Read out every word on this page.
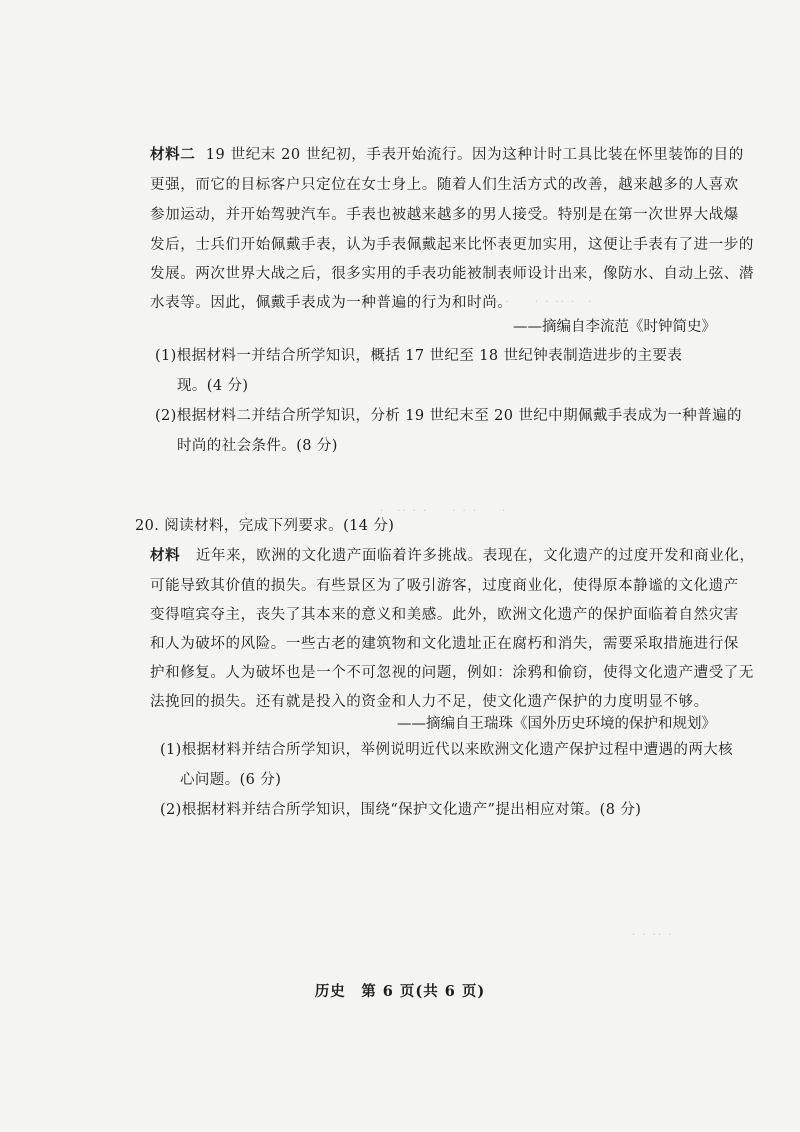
·· ·　　· · ·· ·　·
·　·· · ·　　· · ·　　·
· · ·· ·
材料二 19 世纪末 20 世纪初，手表开始流行。因为这种计时工具比装在怀里装饰的目的
更强，而它的目标客户只定位在女士身上。随着人们生活方式的改善，越来越多的人喜欢
参加运动，并开始驾驶汽车。手表也被越来越多的男人接受。特别是在第一次世界大战爆
发后，士兵们开始佩戴手表，认为手表佩戴起来比怀表更加实用，这便让手表有了进一步的
发展。两次世界大战之后，很多实用的手表功能被制表师设计出来，像防水、自动上弦、潜
水表等。因此，佩戴手表成为一种普遍的行为和时尚。
——摘编自李流范《时钟简史》
(1)根据材料一并结合所学知识，概括 17 世纪至 18 世纪钟表制造进步的主要表
现。(4 分)
(2)根据材料二并结合所学知识，分析 19 世纪末至 20 世纪中期佩戴手表成为一种普遍的
时尚的社会条件。(8 分)
20. 阅读材料，完成下列要求。(14 分)
材料 近年来，欧洲的文化遗产面临着许多挑战。表现在，文化遗产的过度开发和商业化，
可能导致其价值的损失。有些景区为了吸引游客，过度商业化，使得原本静谧的文化遗产
变得喧宾夺主，丧失了其本来的意义和美感。此外，欧洲文化遗产的保护面临着自然灾害
和人为破坏的风险。一些古老的建筑物和文化遗址正在腐朽和消失，需要采取措施进行保
护和修复。人为破坏也是一个不可忽视的问题，例如：涂鸦和偷窃，使得文化遗产遭受了无
法挽回的损失。还有就是投入的资金和人力不足，使文化遗产保护的力度明显不够。
——摘编自王瑞珠《国外历史环境的保护和规划》
(1)根据材料并结合所学知识，举例说明近代以来欧洲文化遗产保护过程中遭遇的两大核
心问题。(6 分)
(2)根据材料并结合所学知识，围绕“保护文化遗产”提出相应对策。(8 分)
历史　第 6 页(共 6 页)
